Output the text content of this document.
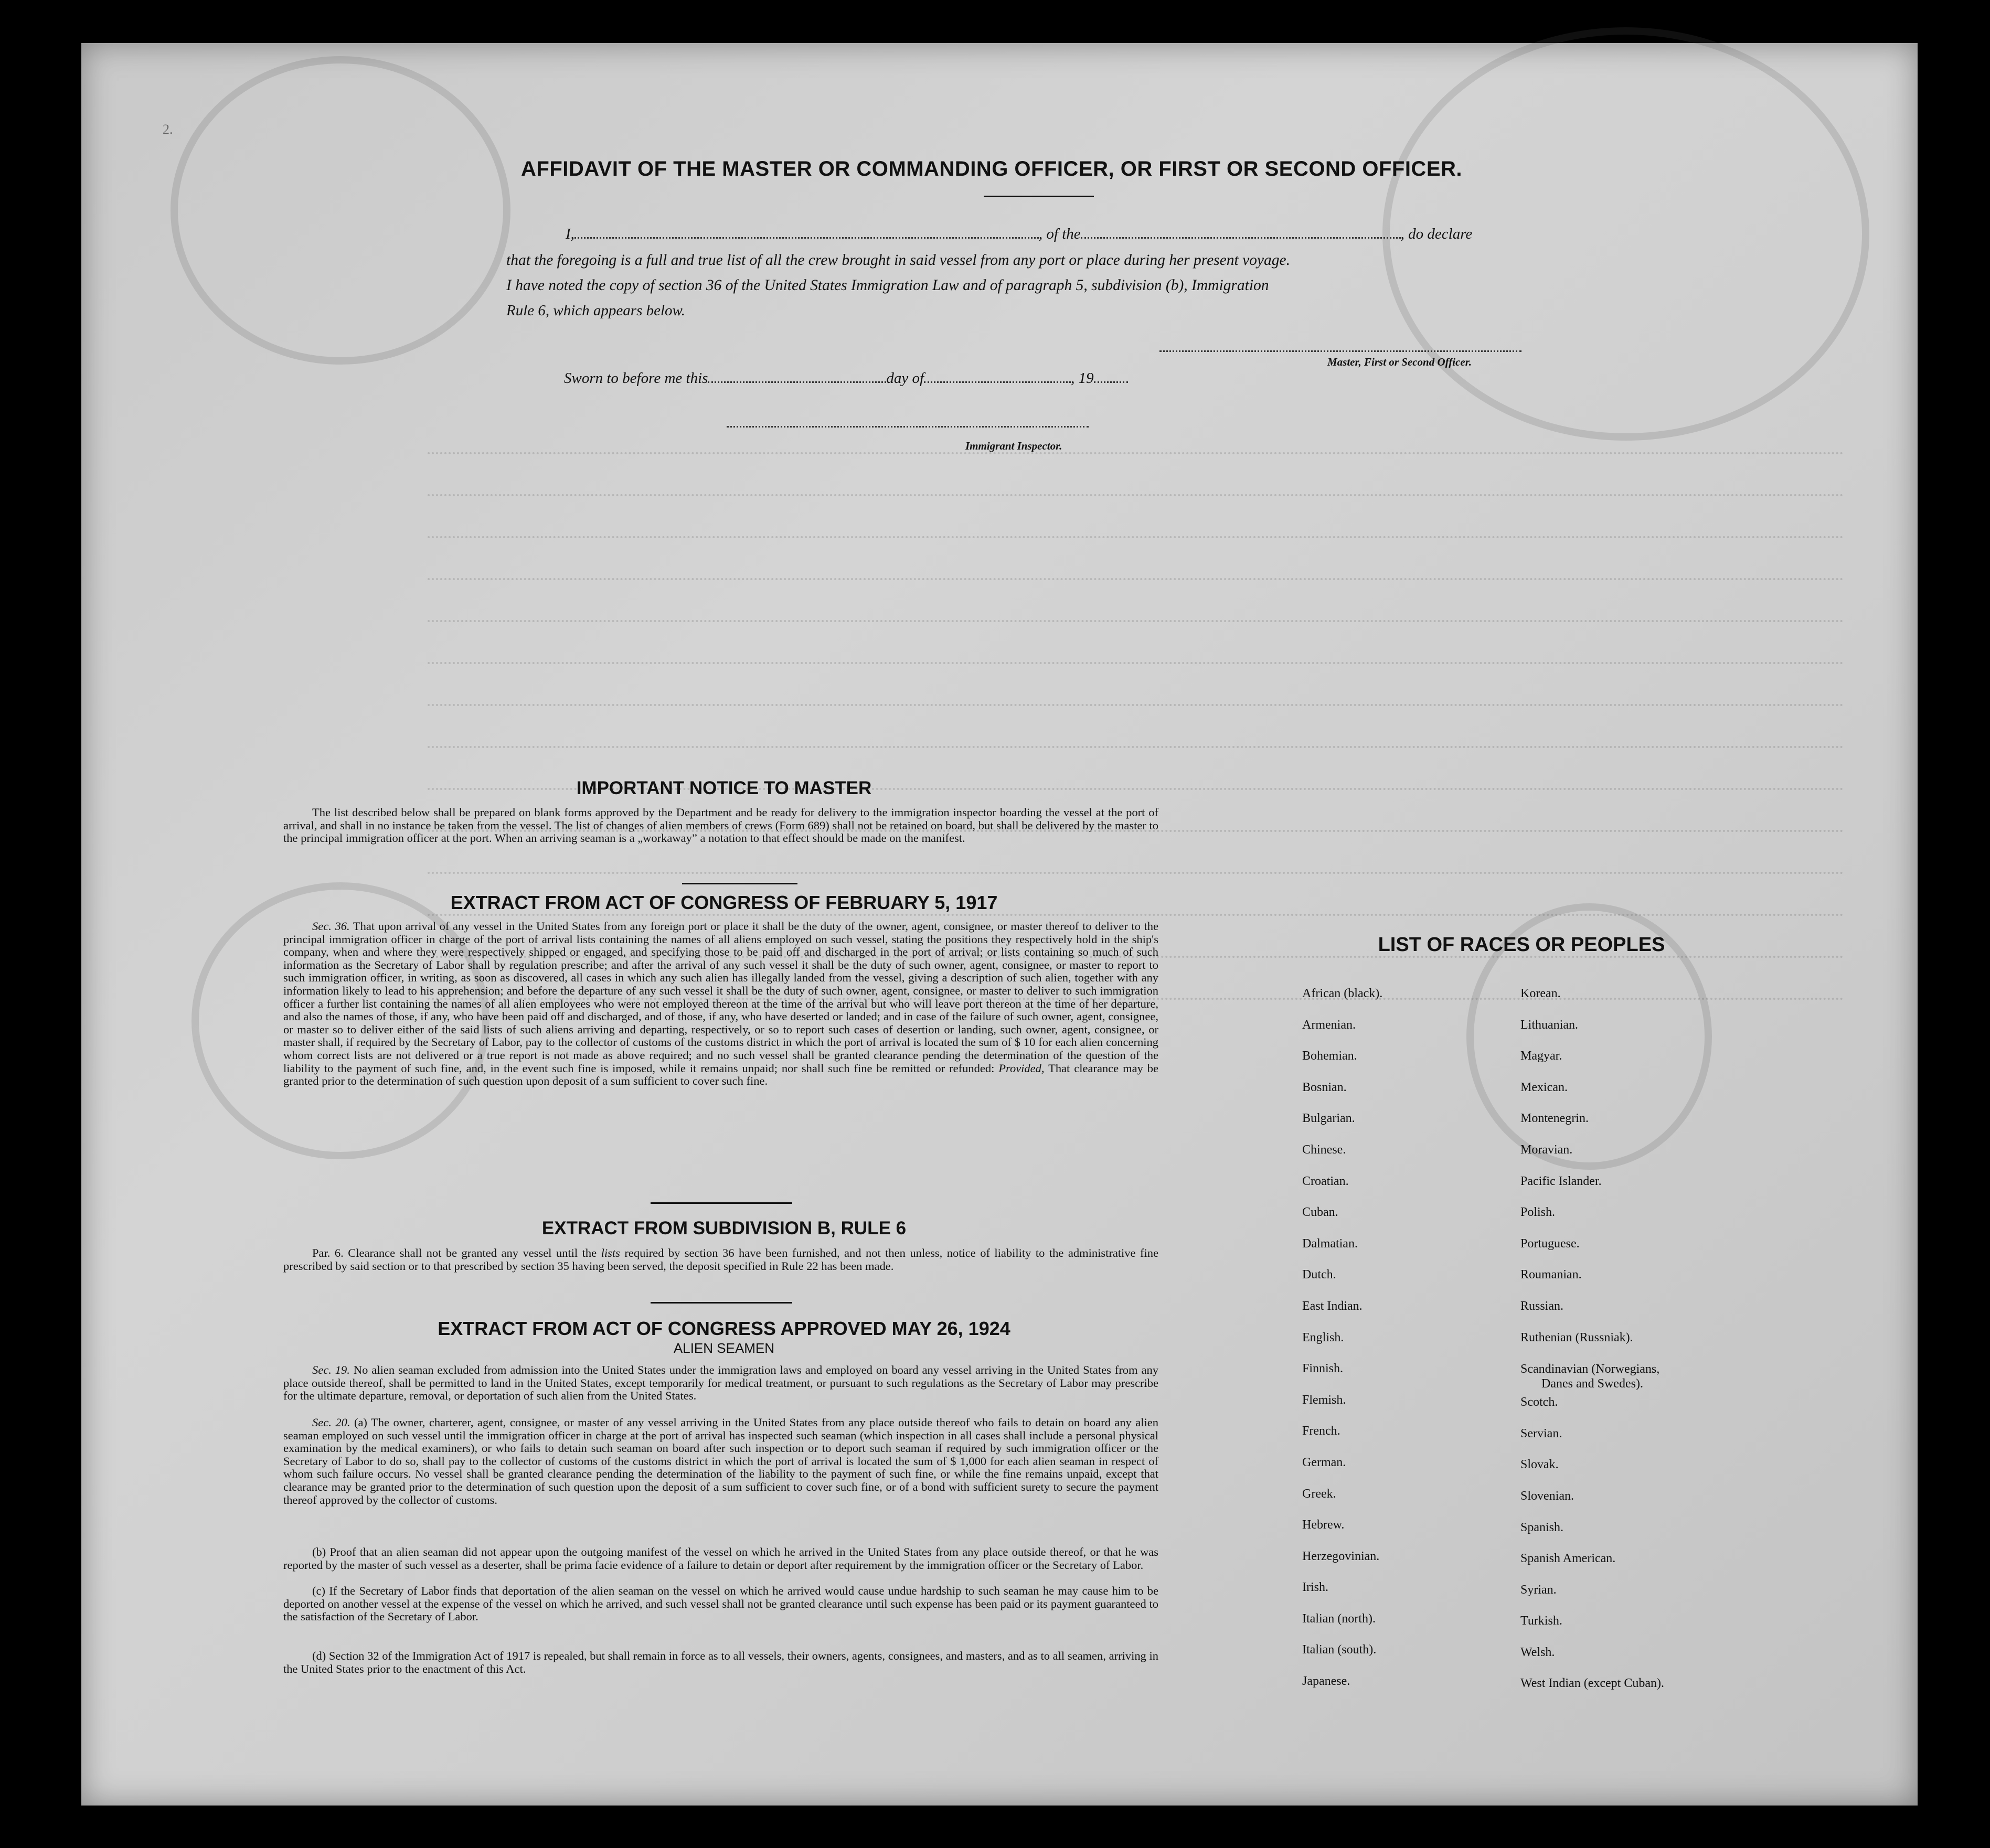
2.
AFFIDAVIT OF THE MASTER OR COMMANDING OFFICER, OR FIRST OR SECOND OFFICER.
I,	, of the	, do declare
that the foregoing is a full and true list of all the crew brought in said vessel from any port or place during her present voyage.
I have noted the copy of section 36 of the United States Immigration Law and of paragraph 5, subdivision (b), Immigration
Rule 6, which appears below.
Master, First or Second Officer.
Sworn to before me this	day of	, 19
Immigrant Inspector.
IMPORTANT NOTICE TO MASTER
The list described below shall be prepared on blank forms approved by the Department and be ready for delivery to the immigration inspector boarding the vessel at the port of arrival, and shall in no instance be taken from the vessel. The list of changes of alien members of crews (Form 689) shall not be retained on board, but shall be delivered by the master to the principal immigration officer at the port. When an arriving seaman is a „workaway” a notation to that effect should be made on the manifest.
EXTRACT FROM ACT OF CONGRESS OF FEBRUARY 5, 1917
Sec. 36. That upon arrival of any vessel in the United States from any foreign port or place it shall be the duty of the owner, agent, consignee, or master thereof to deliver to the principal immigration officer in charge of the port of arrival lists containing the names of all aliens employed on such vessel, stating the positions they respectively hold in the ship's company, when and where they were respectively shipped or engaged, and specifying those to be paid off and discharged in the port of arrival; or lists containing so much of such information as the Secretary of Labor shall by regulation prescribe; and after the arrival of any such vessel it shall be the duty of such owner, agent, consignee, or master to report to such immigration officer, in writing, as soon as discovered, all cases in which any such alien has illegally landed from the vessel, giving a description of such alien, together with any information likely to lead to his apprehension; and before the departure of any such vessel it shall be the duty of such owner, agent, consignee, or master to deliver to such immigration officer a further list containing the names of all alien employees who were not employed thereon at the time of the arrival but who will leave port thereon at the time of her departure, and also the names of those, if any, who have been paid off and discharged, and of those, if any, who have deserted or landed; and in case of the failure of such owner, agent, consignee, or master so to deliver either of the said lists of such aliens arriving and departing, respectively, or so to report such cases of desertion or landing, such owner, agent, consignee, or master shall, if required by the Secretary of Labor, pay to the collector of customs of the customs district in which the port of arrival is located the sum of $ 10 for each alien concerning whom correct lists are not delivered or a true report is not made as above required; and no such vessel shall be granted clearance pending the determination of the question of the liability to the payment of such fine, and, in the event such fine is imposed, while it remains unpaid; nor shall such fine be remitted or refunded: Provided, That clearance may be granted prior to the determination of such question upon deposit of a sum sufficient to cover such fine.
EXTRACT FROM SUBDIVISION B, RULE 6
Par. 6. Clearance shall not be granted any vessel until the lists required by section 36 have been furnished, and not then unless, notice of liability to the administrative fine prescribed by said section or to that prescribed by section 35 having been served, the deposit specified in Rule 22 has been made.
EXTRACT FROM ACT OF CONGRESS APPROVED MAY 26, 1924
ALIEN SEAMEN
Sec. 19. No alien seaman excluded from admission into the United States under the immigration laws and employed on board any vessel arriving in the United States from any place outside thereof, shall be permitted to land in the United States, except temporarily for medical treatment, or pursuant to such regulations as the Secretary of Labor may prescribe for the ultimate departure, removal, or deportation of such alien from the United States.
Sec. 20. (a) The owner, charterer, agent, consignee, or master of any vessel arriving in the United States from any place outside thereof who fails to detain on board any alien seaman employed on such vessel until the immigration officer in charge at the port of arrival has inspected such seaman (which inspection in all cases shall include a personal physical examination by the medical examiners), or who fails to detain such seaman on board after such inspection or to deport such seaman if required by such immigration officer or the Secretary of Labor to do so, shall pay to the collector of customs of the customs district in which the port of arrival is located the sum of $ 1,000 for each alien seaman in respect of whom such failure occurs. No vessel shall be granted clearance pending the determination of the liability to the payment of such fine, or while the fine remains unpaid, except that clearance may be granted prior to the determination of such question upon the deposit of a sum sufficient to cover such fine, or of a bond with sufficient surety to secure the payment thereof approved by the collector of customs.
(b) Proof that an alien seaman did not appear upon the outgoing manifest of the vessel on which he arrived in the United States from any place outside thereof, or that he was reported by the master of such vessel as a deserter, shall be prima facie evidence of a failure to detain or deport after requirement by the immigration officer or the Secretary of Labor.
(c) If the Secretary of Labor finds that deportation of the alien seaman on the vessel on which he arrived would cause undue hardship to such seaman he may cause him to be deported on another vessel at the expense of the vessel on which he arrived, and such vessel shall not be granted clearance until such expense has been paid or its payment guaranteed to the satisfaction of the Secretary of Labor.
(d) Section 32 of the Immigration Act of 1917 is repealed, but shall remain in force as to all vessels, their owners, agents, consignees, and masters, and as to all seamen, arriving in the United States prior to the enactment of this Act.
LIST OF RACES OR PEOPLES
African (black).
Armenian.
Bohemian.
Bosnian.
Bulgarian.
Chinese.
Croatian.
Cuban.
Dalmatian.
Dutch.
East Indian.
English.
Finnish.
Flemish.
French.
German.
Greek.
Hebrew.
Herzegovinian.
Irish.
Italian (north).
Italian (south).
Japanese.
Korean.
Lithuanian.
Magyar.
Mexican.
Montenegrin.
Moravian.
Pacific Islander.
Polish.
Portuguese.
Roumanian.
Russian.
Ruthenian (Russniak).
Scandinavian (Norwegians,
Danes and Swedes).
Scotch.
Servian.
Slovak.
Slovenian.
Spanish.
Spanish American.
Syrian.
Turkish.
Welsh.
West Indian (except Cuban).
